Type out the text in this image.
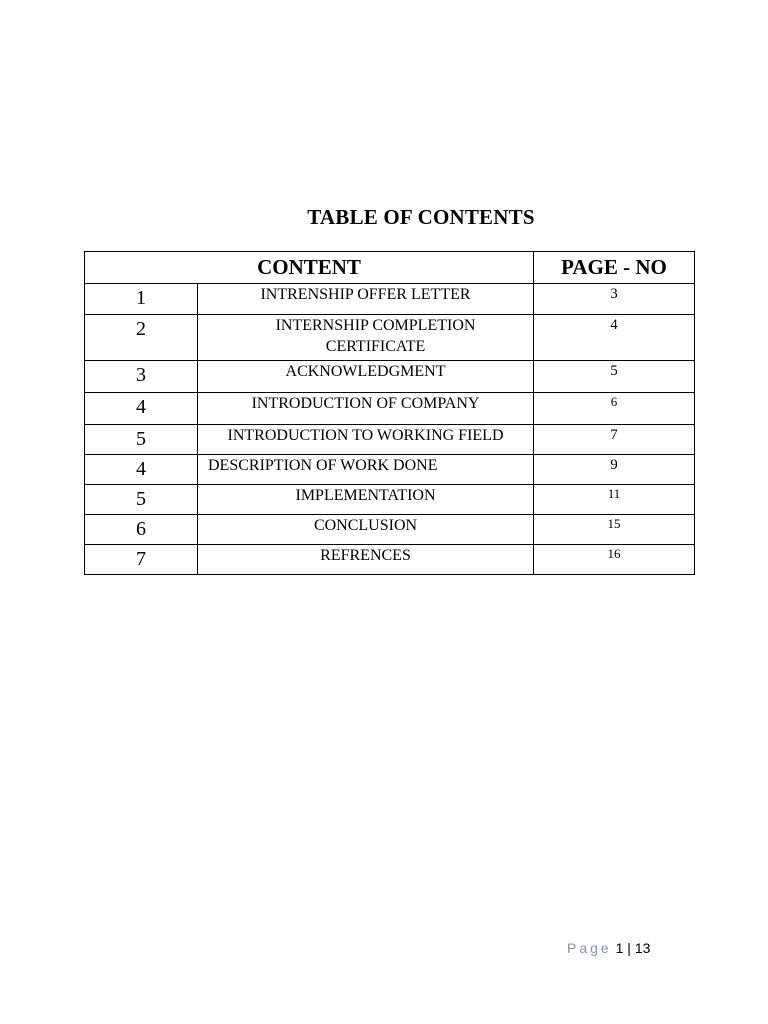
TABLE OF CONTENTS
CONTENT		PAGE - NO
1	INTRENSHIP OFFER LETTER	3
2	INTERNSHIP COMPLETION CERTIFICATE	4
3	ACKNOWLEDGMENT	5
4	INTRODUCTION OF COMPANY	6
5	INTRODUCTION TO WORKING FIELD	7
4	DESCRIPTION OF WORK DONE	9
5	IMPLEMENTATION	11
6	CONCLUSION	15
7	REFRENCES	16
Page 1 | 13
